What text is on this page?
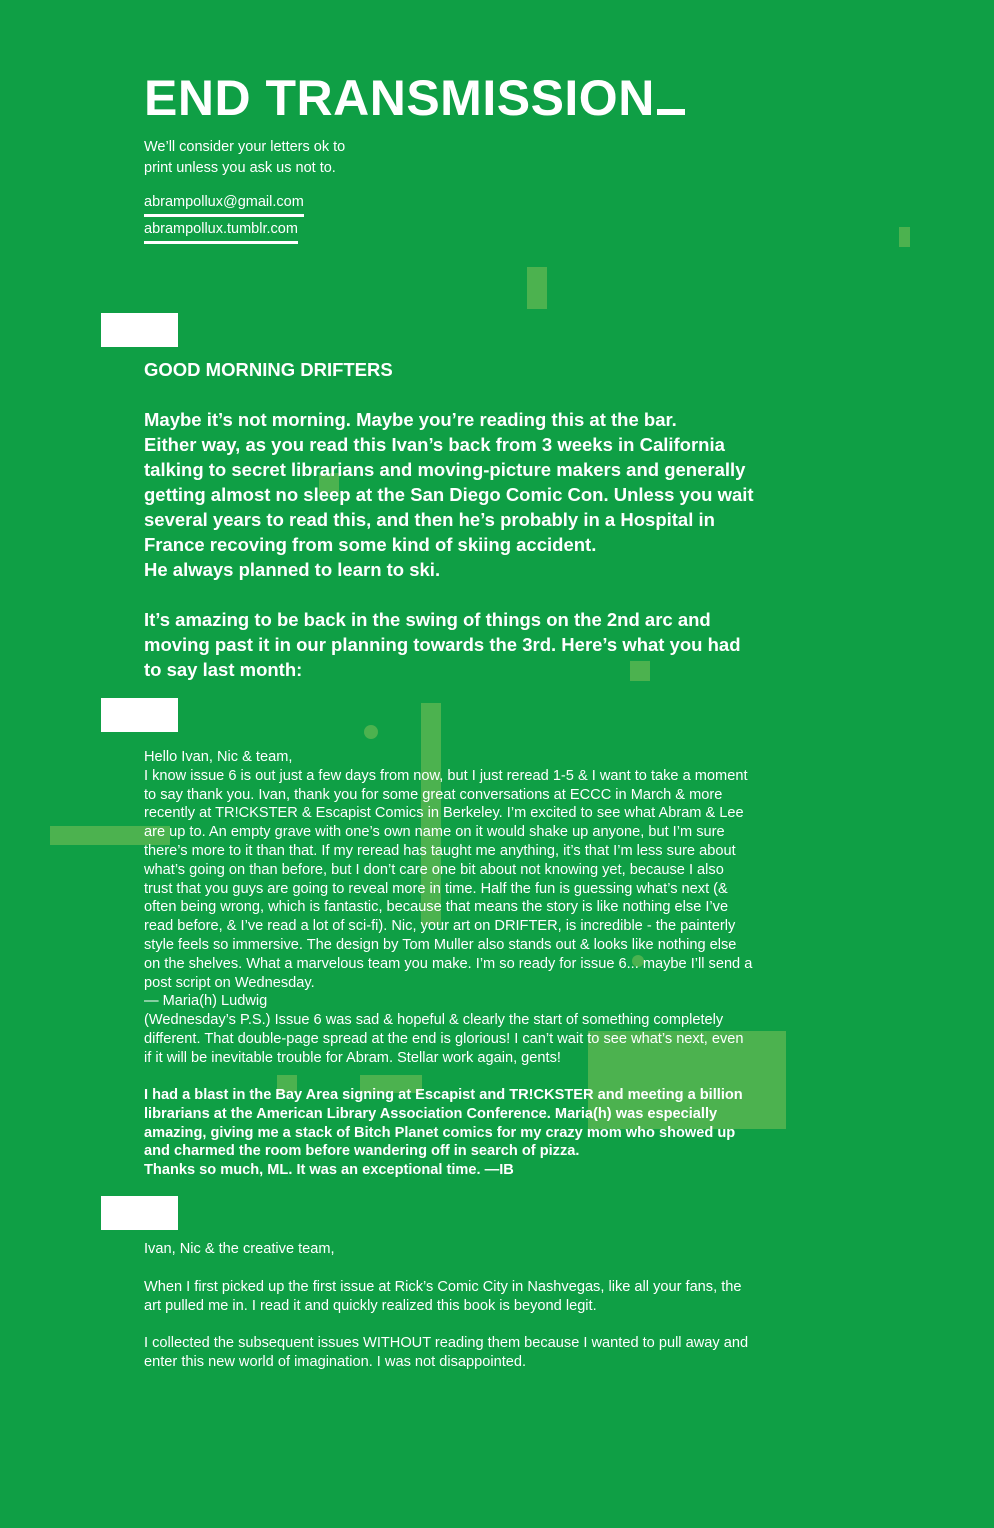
END TRANSMISSION

We’ll consider your letters ok to

print unless you ask us not to.

abrampollux@gmail.com
abrampollux.tumblr.com
GOOD MORNING DRIFTERS

Maybe it’s not morning. Maybe you’re reading this at the bar.

Either way, as you read this Ivan’s back from 3 weeks in California

talking to secret librarians and moving-picture makers and generally

getting almost no sleep at the San Diego Comic Con. Unless you wait

several years to read this, and then he’s probably in a Hospital in

France recoving from some kind of skiing accident.

He always planned to learn to ski.

It’s amazing to be back in the swing of things on the 2nd arc and

moving past it in our planning towards the 3rd. Here’s what you had

to say last month:

Hello Ivan, Nic & team,

I know issue 6 is out just a few days from now, but I just reread 1-5 & I want to take a moment

to say thank you. Ivan, thank you for some great conversations at ECCC in March & more

recently at TR!CKSTER & Escapist Comics in Berkeley. I’m excited to see what Abram & Lee

are up to. An empty grave with one’s own name on it would shake up anyone, but I’m sure

there’s more to it than that. If my reread has taught me anything, it’s that I’m less sure about

what’s going on than before, but I don’t care one bit about not knowing yet, because I also

trust that you guys are going to reveal more in time. Half the fun is guessing what’s next (&

often being wrong, which is fantastic, because that means the story is like nothing else I’ve

read before, & I’ve read a lot of sci-fi). Nic, your art on DRIFTER, is incredible - the painterly

style feels so immersive. The design by Tom Muller also stands out & looks like nothing else

on the shelves. What a marvelous team you make. I’m so ready for issue 6... maybe I’ll send a

post script on Wednesday.

— Maria(h) Ludwig

(Wednesday’s P.S.) Issue 6 was sad & hopeful & clearly the start of something completely

different. That double-page spread at the end is glorious! I can’t wait to see what’s next, even

if it will be inevitable trouble for Abram. Stellar work again, gents!

I had a blast in the Bay Area signing at Escapist and TR!CKSTER and meeting a billion

librarians at the American Library Association Conference. Maria(h) was especially

amazing, giving me a stack of Bitch Planet comics for my crazy mom who showed up

and charmed the room before wandering off in search of pizza.

Thanks so much, ML. It was an exceptional time. —IB

Ivan, Nic & the creative team,

When I first picked up the first issue at Rick’s Comic City in Nashvegas, like all your fans, the

art pulled me in. I read it and quickly realized this book is beyond legit.

I collected the subsequent issues WITHOUT reading them because I wanted to pull away and

enter this new world of imagination. I was not disappointed.
